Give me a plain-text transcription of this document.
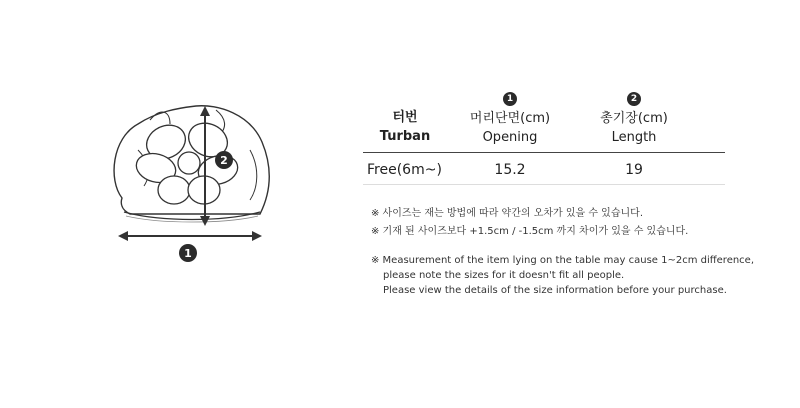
2
1
터번
Turban
1
머리단면(cm)
Opening
2
총기장(cm)
Length
Free(6m~)	15.2	19
※ 사이즈는 재는 방법에 따라 약간의 오차가 있을 수 있습니다.
※ 기재 된 사이즈보다 +1.5cm / -1.5cm 까지 차이가 있을 수 있습니다.
※ Measurement of the item lying on the table may cause 1~2cm difference,
please note the sizes for it doesn't fit all people.
Please view the details of the size information before your purchase.
